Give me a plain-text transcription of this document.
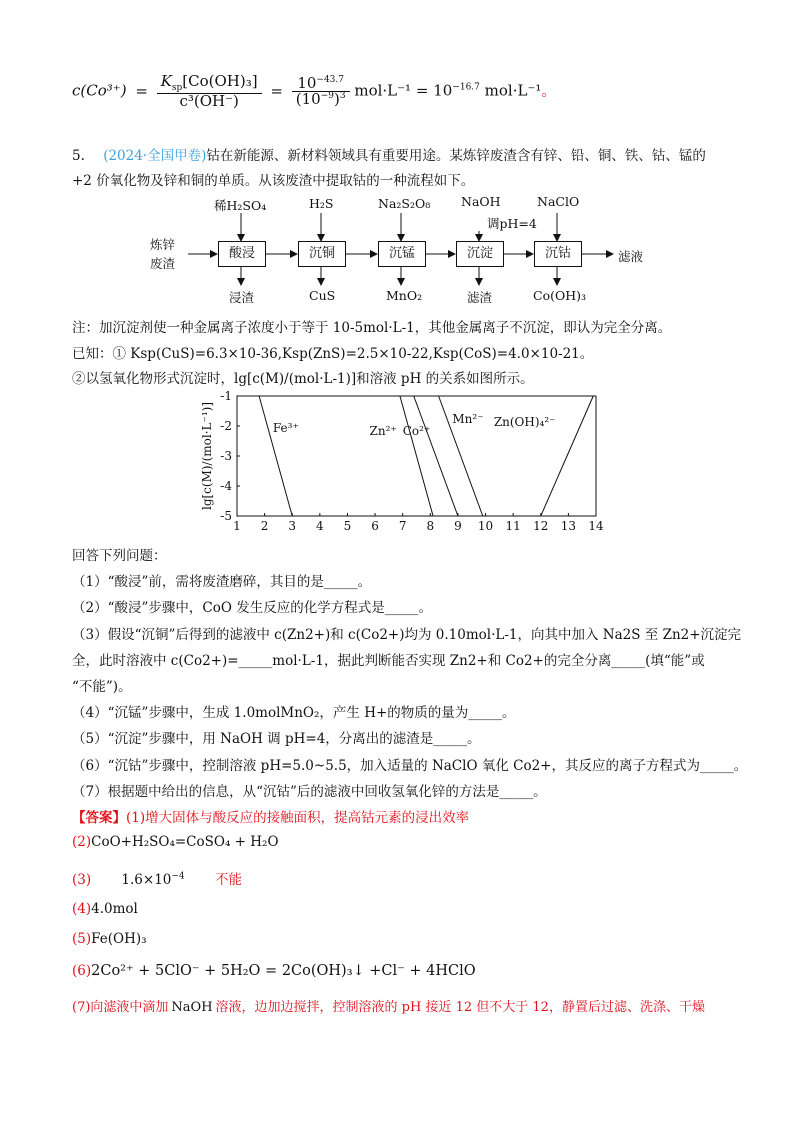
$c(Co^{3+}) = \frac{K_{sp}[Co(OH)_3]}{\text{c³(OH⁻)}} = \frac{10^{-43.7}}{(10^{-9})^3} mol\cdot L^{-1} = 10^{-16.7}$ mol·L⁻¹。
5. (2024·全国甲卷)钴在新能源、新材料领域具有重要用途。某炼锌废渣含有锌、铅、铜、铁、钴、锰的
+2 价氧化物及锌和铜的单质。从该废渣中提取钴的一种流程如下。
炼锌
废渣
酸浸	沉铜	沉锰	沉淀	沉钴
稀H₂SO₄	H₂S	Na₂S₂O₈ NaOH
调pH=4
NaClO
浸渣	CuS	MnO₂	滤渣	Co(OH)₃
滤液
注：加沉淀剂使一种金属离子浓度小于等于 10-5mol·L-1，其他金属离子不沉淀，即认为完全分离。
已知：① Ksp(CuS)=6.3×10-36,Ksp(ZnS)=2.5×10-22,Ksp(CoS)=4.0×10-21。
②以氢氧化物形式沉淀时，lg[c(M)/(mol·L-1)]和溶液 pH 的关系如图所示。
1 2 3 4 5 6 7 8 9 10 11 12 13 14
-1
-2
-3
-4
-5
lg[c(M)/(mol·L⁻¹)]	Fe³⁺	Zn²⁺ Co²⁺
Mn²⁻ Zn(OH)₄²⁻
回答下列问题：
（1）“酸浸”前，需将废渣磨碎，其目的是_____。
（2）“酸浸”步骤中，CoO 发生反应的化学方程式是_____。
（3）假设“沉铜”后得到的滤液中 c(Zn2+)和 c(Co2+)均为 0.10mol·L-1，向其中加入 Na2S 至 Zn2+沉淀完
全，此时溶液中 c(Co2+)=_____mol·L-1，据此判断能否实现 Zn2+和 Co2+的完全分离_____(填“能”或
“不能”)。
（4）“沉锰”步骤中，生成 1.0molMnO₂，产生 H+的物质的量为_____。
（5）“沉淀”步骤中，用 NaOH 调 pH=4，分离出的滤渣是_____。
（6）“沉钴”步骤中，控制溶液 pH=5.0~5.5，加入适量的 NaClO 氧化 Co2+，其反应的离子方程式为_____。
（7）根据题中给出的信息，从“沉钴”后的滤液中回收氢氧化锌的方法是_____。
【答案】(1)增大固体与酸反应的接触面积，提高钴元素的浸出效率
(2)CoO+H₂SO₄=CoSO₄ + H₂O
(3) $1.6\times 10^{-4}$ 不能
(4)4.0mol
(5)Fe(OH)₃
(6)2Co²⁺ + 5ClO⁻ + 5H₂O = 2Co(OH)₃↓ +Cl⁻ + 4HClO
(7)向滤液中滴加 NaOH 溶液，边加边搅拌，控制溶液的 pH 接近 12 但不大于 12，静置后过滤、洗涤、干燥
